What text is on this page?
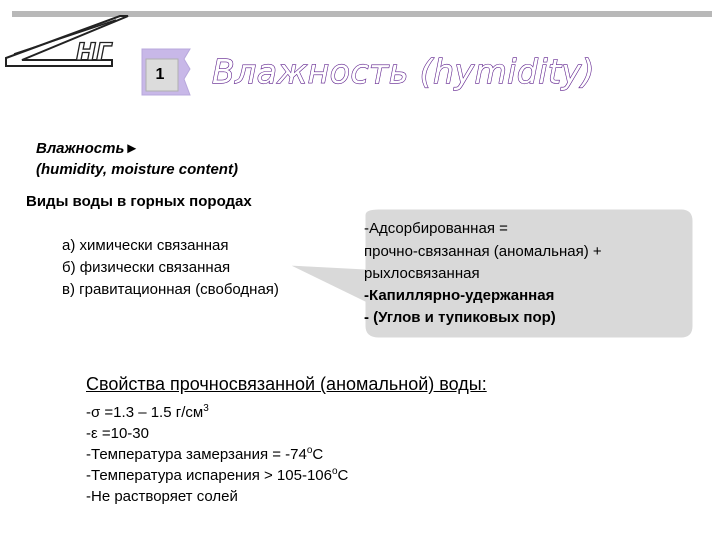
НГ
1 Влажность (hymidity)
Влажность►
(humidity, moisture content)
Виды воды в горных породах
а) химически связанная
б) физически связанная
в) гравитационная (свободная)
-Адсорбированная =
прочно-связанная (аномальная) +
рыхлосвязанная
-Капиллярно-удержанная
- (Углов и тупиковых пор)
Свойства прочносвязанной (аномальной) воды:
-σ =1.3 – 1.5 $г/см^3$
-ε =10-30
-Температура замерзания = $-74^оС$
-Температура испарения > $105-106^оС$
-Не растворяет солей
